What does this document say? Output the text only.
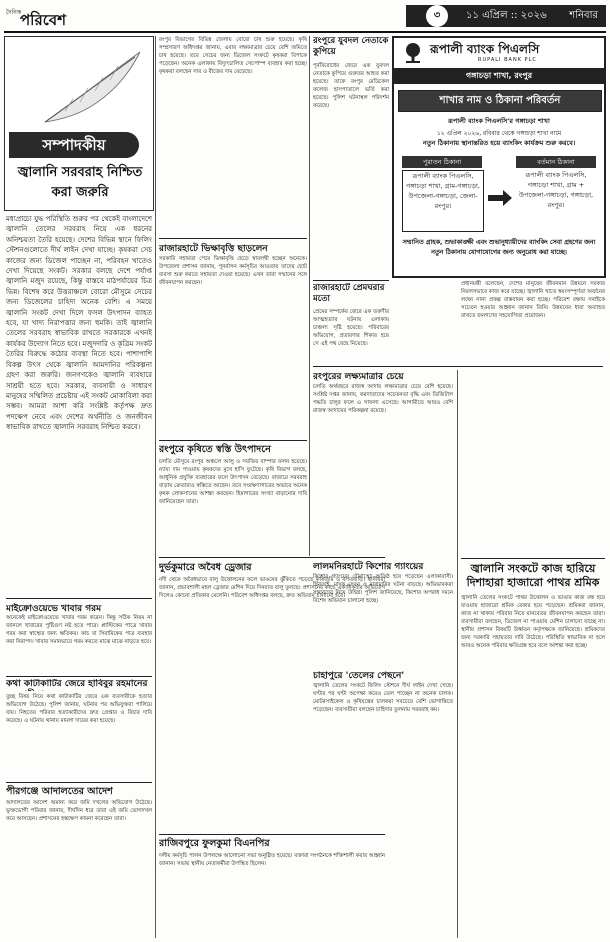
দৈনিক
পরিবেশ	৩	১১ এপ্রিল :: ২০২৬ শনিবার
সম্পাদকীয়
জ্বালানি সরবরাহ নিশ্চিত করা জরুরি
মধ্যপ্রাচ্যে যুদ্ধ পরিস্থিতি শুরুর পর থেকেই বাংলাদেশে জ্বালানি তেলের সরবরাহ নিয়ে এক ধরনের অনিশ্চয়তা তৈরি হয়েছে। দেশের বিভিন্ন স্থানে ফিলিং স্টেশনগুলোতে দীর্ঘ লাইন দেখা যাচ্ছে। কৃষকরা সেচ কাজের জন্য ডিজেল পাচ্ছেন না, পরিবহন খাতেও দেখা দিয়েছে সংকট। সরকার বলছে দেশে পর্যাপ্ত জ্বালানি মজুদ রয়েছে, কিন্তু বাস্তবে মাঠপর্যায়ের চিত্র ভিন্ন। বিশেষ করে উত্তরাঞ্চলে বোরো মৌসুমে সেচের জন্য ডিজেলের চাহিদা অনেক বেশি। এ সময়ে জ্বালানি সংকট দেখা দিলে ফসল উৎপাদন ব্যাহত হবে, যা খাদ্য নিরাপত্তার জন্য হুমকি। তাই জ্বালানি তেলের সরবরাহ স্বাভাবিক রাখতে সরকারকে এখনই কার্যকর উদ্যোগ নিতে হবে। মজুদদারি ও কৃত্রিম সংকট তৈরির বিরুদ্ধে কঠোর ব্যবস্থা নিতে হবে। পাশাপাশি বিকল্প উৎস থেকে জ্বালানি আমদানির পরিকল্পনা গ্রহণ করা জরুরি। জনগণকেও জ্বালানি ব্যবহারে সাশ্রয়ী হতে হবে। সরকার, ব্যবসায়ী ও সাধারণ মানুষের সম্মিলিত প্রচেষ্টায় এই সংকট মোকাবিলা করা সম্ভব। আমরা আশা করি সংশ্লিষ্ট কর্তৃপক্ষ দ্রুত পদক্ষেপ নেবে এবং দেশের অর্থনীতি ও জনজীবন স্বাভাবিক রাখতে জ্বালানি সরবরাহ নিশ্চিত করবে।
মাইক্রোওয়েভে খাবার গরম
অনেকেই মাইক্রোওয়েভে খাবার গরম করেন। কিন্তু সঠিক নিয়ম না জানলে খাবারের পুষ্টিগুণ নষ্ট হতে পারে। প্লাস্টিকের পাত্রে খাবার গরম করা স্বাস্থ্যের জন্য ক্ষতিকর। কাচ বা সিরামিকের পাত্র ব্যবহার করা নিরাপদ। খাবার সমানভাবে গরম করতে মাঝে মাঝে নাড়তে হবে।
কথা কাটাকাটির জেরে হাবিবুর রহমানের
তুচ্ছ বিষয় নিয়ে কথা কাটাকাটির জেরে এক ব্যবসায়ীকে হত্যার অভিযোগ উঠেছে। পুলিশ জানায়, ঘটনার পর অভিযুক্তরা পালিয়ে যায়। নিহতের পরিবার হত্যাকারীদের দ্রুত গ্রেপ্তার ও বিচার দাবি করেছে। এ ঘটনায় থানায় মামলা দায়ের করা হয়েছে।
পীরগঞ্জে আদালতের আদেশ
আদালতের আদেশ অমান্য করে জমি দখলের অভিযোগ উঠেছে। ভুক্তভোগী পরিবার জানায়, দীর্ঘদিন ধরে তারা ওই জমি ভোগদখল করে আসছেন। প্রশাসনের হস্তক্ষেপ কামনা করেছেন তারা।
রংপুর বিভাগের বিভিন্ন জেলায় বোরো চাষ শুরু হয়েছে। কৃষি সম্প্রসারণ অধিদপ্তর জানায়, এবার লক্ষ্যমাত্রার চেয়ে বেশি জমিতে চাষ হয়েছে। তবে সেচের জন্য ডিজেল সংকটে কৃষকরা বিপাকে পড়েছেন। অনেক এলাকায় বিদ্যুৎচালিত সেচপাম্প ব্যবহার করা হচ্ছে। কৃষকরা বলছেন সার ও বীজের দাম বেড়েছে।
রাজারহাটে ভিক্ষাবৃত্তি ছাড়লেন
সরকারি সহায়তা পেয়ে ভিক্ষাবৃত্তি ছেড়ে স্বাবলম্বী হচ্ছেন অনেকে। উপজেলা প্রশাসন জানায়, পুনর্বাসন কর্মসূচির আওতায় তাদের ছোট ব্যবসা শুরু করতে সহায়তা দেওয়া হয়েছে। এখন তারা সম্মানের সঙ্গে জীবনযাপন করছেন।
রংপুরে কৃষিতে স্বস্তি উৎপাদনে
চলতি মৌসুমে রংপুর অঞ্চলে আলু ও সবজির বাম্পার ফলন হয়েছে। ন্যায্য দাম পাওয়ায় কৃষকদের মুখে হাসি ফুটেছে। কৃষি বিভাগ বলছে, আধুনিক প্রযুক্তি ব্যবহারের ফলে উৎপাদন বেড়েছে। বাজারে সরবরাহ বাড়ায় ক্রেতারাও স্বস্তিতে আছেন। তবে সংরক্ষণাগারের অভাবে অনেক কৃষক লোকসানের আশঙ্কা করছেন। হিমাগারের সংখ্যা বাড়ানোর দাবি জানিয়েছেন তারা।
দুর্ভকুমারে অবৈধ ড্রেজার
নদী থেকে অবৈধভাবে বালু উত্তোলনের ফলে ভাঙনের ঝুঁকিতে পড়েছে কৃষিজমি ও বসতবাড়ি। স্থানীয়রা জানান, প্রভাবশালী মহল ড্রেজার মেশিন দিয়ে দিনরাত বালু তুলছে। প্রশাসনের কাছে একাধিকবার অভিযোগ দিলেও কোনো প্রতিকার মেলেনি। পরিবেশ অধিদপ্তর বলছে, দ্রুত অভিযান চালানো হবে।
রাজিবপুরে ফুলকুমা বিএনপির
দলীয় কর্মসূচি পালন উপলক্ষে আলোচনা সভা অনুষ্ঠিত হয়েছে। বক্তারা সংগঠনকে শক্তিশালী করার আহ্বান জানান। সভায় স্থানীয় নেতাকর্মীরা উপস্থিত ছিলেন।
রংপুরে যুবদল নেতাকে কুপিয়ে
পূর্ববিরোধের জেরে এক যুবদল নেতাকে কুপিয়ে গুরুতর আহত করা হয়েছে। তাকে রংপুর মেডিকেল কলেজ হাসপাতালে ভর্তি করা হয়েছে। পুলিশ ঘটনাস্থল পরিদর্শন করেছে।
রাজারহাটে প্রেমঘরার মতো
প্রেমের সম্পর্কের জেরে এক তরুণীর আত্মহত্যার ঘটনায় এলাকায় চাঞ্চল্য সৃষ্টি হয়েছে। পরিবারের অভিযোগ, প্রতারণার শিকার হয়ে সে এই পথ বেছে নিয়েছে।
রংপুরের লক্ষ্যমাত্রার চেয়ে
চলতি অর্থবছরে রাজস্ব আদায় লক্ষ্যমাত্রার চেয়ে বেশি হয়েছে। সংশ্লিষ্ট দপ্তর জানায়, করদাতাদের সচেতনতা বৃদ্ধি এবং ডিজিটাল পদ্ধতি চালুর ফলে এ সাফল্য এসেছে। আগামীতে আরও বেশি রাজস্ব আদায়ের পরিকল্পনা রয়েছে।
লালমনিরহাটে কিশোর গ্যাংয়ের
কিশোর গ্যাংয়ের দৌরাত্ম্যে অতিষ্ঠ হয়ে পড়েছেন এলাকাবাসী। ছিনতাই, মাদক সেবন ও মারামারির ঘটনা বাড়ছে। অভিভাবকরা সন্তানদের নিয়ে উদ্বিগ্ন। পুলিশ জানিয়েছে, কিশোর অপরাধ দমনে বিশেষ অভিযান চালানো হচ্ছে।
চাহাপুরে 'তেলের পেছনে'
জ্বালানি তেলের সংকটে ফিলিং স্টেশনে দীর্ঘ লাইন দেখা গেছে। ঘণ্টার পর ঘণ্টা অপেক্ষা করেও তেল পাচ্ছেন না অনেক চালক। মোটরসাইকেল ও কৃষিযন্ত্রের চালকরা সবচেয়ে বেশি ভোগান্তিতে পড়েছেন। ব্যবসায়ীরা বলছেন চাহিদার তুলনায় সরবরাহ কম।
প্রধানমন্ত্রী বলেছেন, দেশের মানুষের জীবনমান উন্নয়নে সরকার নিরলসভাবে কাজ করে যাচ্ছে। জ্বালানি খাতে স্বয়ংসম্পূর্ণতা অর্জনের লক্ষ্যে নানা প্রকল্প বাস্তবায়ন করা হচ্ছে। পরিবেশ রক্ষায় সবাইকে সচেতন হওয়ার আহ্বান জানান তিনি। উন্নয়নের ধারা অব্যাহত রাখতে জনগণের সহযোগিতা প্রয়োজন।
জ্বালানি সংকটে কাজ হারিয়ে দিশাহারা হাজারো পাথর শ্রমিক
জ্বালানি তেলের সংকটে পাথর উত্তোলন ও ভাঙার কাজ বন্ধ হয়ে যাওয়ায় হাজারো শ্রমিক বেকার হয়ে পড়েছেন। শ্রমিকরা জানান, কাজ না থাকায় পরিবার নিয়ে মানবেতর জীবনযাপন করছেন তারা। ব্যবসায়ীরা বলছেন, ডিজেল না পাওয়ায় মেশিন চালানো যাচ্ছে না। স্থানীয় প্রশাসন বিষয়টি উর্ধ্বতন কর্তৃপক্ষকে জানিয়েছে। শ্রমিকদের জন্য সরকারি সহায়তার দাবি উঠেছে। পরিস্থিতি স্বাভাবিক না হলে আরও অনেক পরিবার ক্ষতিগ্রস্ত হবে বলে আশঙ্কা করা হচ্ছে।
রূপালী ব্যাংক পিএলসি
RUPALI BANK PLC
গঙ্গাচড়া শাখা, রংপুর
শাখার নাম ও ঠিকানা পরিবর্তন
রূপালী ব্যাংক পিএলসি'র গঙ্গাচড়া শাখা
১২ এপ্রিল ২০২৬, রবিবার থেকে গঙ্গাচড়া শাখা নামে
নতুন ঠিকানায় স্থানান্তরিত হয়ে ব্যাংকিং কার্যক্রম শুরু করবে।
পুরাতন ঠিকানা	বর্তমান ঠিকানা
রূপালী ব্যাংক পিএলসি, গঙ্গাচড়া শাখা, গ্রাম-গঙ্গাচড়া, উপজেলা-গঙ্গাচড়া, জেলা-রংপুর।
রূপালী ব্যাংক পিএলসি, গঙ্গাচড়া শাখা, গ্রাম + উপজেলা-গঙ্গাচড়া, গঙ্গাচড়া, রংপুর।
সম্মানিত গ্রাহক, শুভাকাঙ্ক্ষী এবং শুভানুধ্যায়ীদের ব্যাংকিং সেবা গ্রহণের জন্য নতুন ঠিকানায় যোগাযোগের জন্য অনুরোধ করা যাচ্ছে।
